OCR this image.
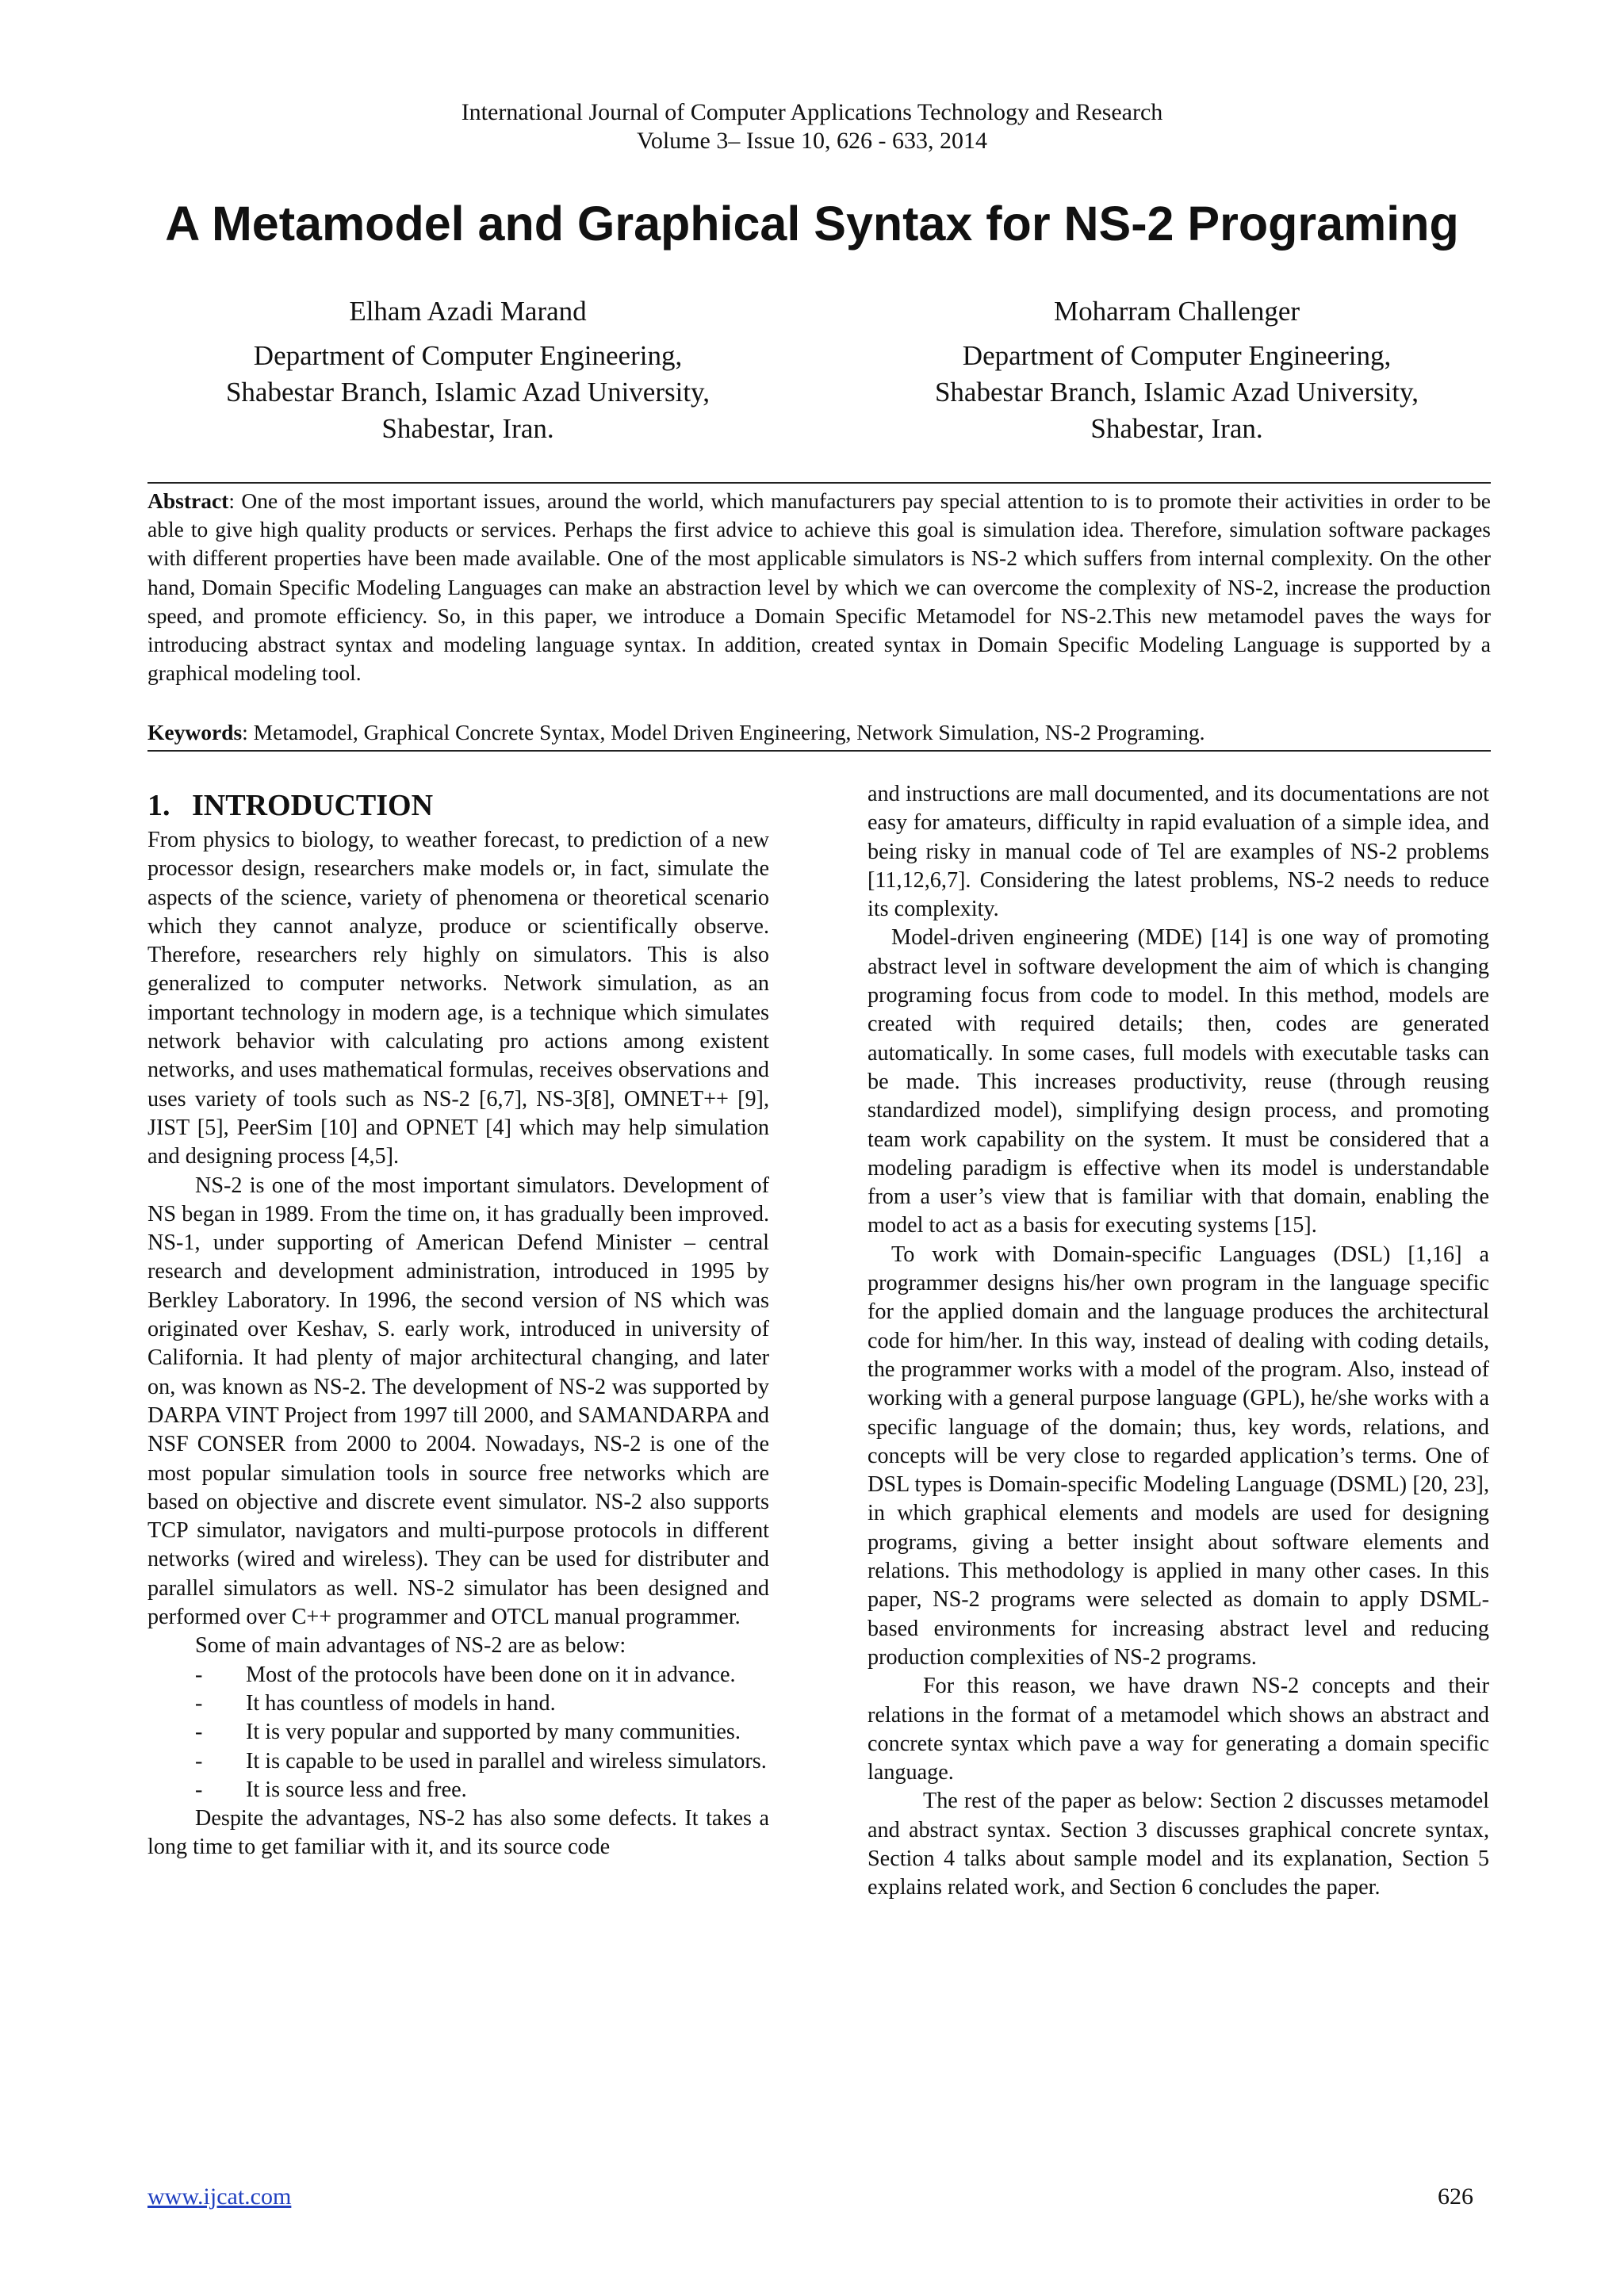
International Journal of Computer Applications Technology and Research
Volume 3– Issue 10, 626 - 633, 2014
A Metamodel and Graphical Syntax for NS-2 Programing
Elham Azadi Marand
Department of Computer Engineering,
Shabestar Branch, Islamic Azad University,
Shabestar, Iran.
Moharram Challenger
Department of Computer Engineering,
Shabestar Branch, Islamic Azad University,
Shabestar, Iran.

Abstract: One of the most important issues, around the world, which manufacturers pay special attention to is to promote their activities in order to be able to give high quality products or services. Perhaps the first advice to achieve this goal is simulation idea. Therefore, simulation software packages with different properties have been made available. One of the most applicable simulators is NS-2 which suffers from internal complexity. On the other hand, Domain Specific Modeling Languages can make an abstraction level by which we can overcome the complexity of NS-2, increase the production speed, and promote efficiency. So, in this paper, we introduce a Domain Specific Metamodel for NS-2.This new metamodel paves the ways for introducing abstract syntax and modeling language syntax. In addition, created syntax in Domain Specific Modeling Language is supported by a graphical modeling tool.

Keywords: Metamodel, Graphical Concrete Syntax, Model Driven Engineering, Network Simulation, NS-2 Programing.

1. INTRODUCTION

From physics to biology, to weather forecast, to prediction of a new processor design, researchers make models or, in fact, simulate the aspects of the science, variety of phenomena or theoretical scenario which they cannot analyze, produce or scientifically observe. Therefore, researchers rely highly on simulators. This is also generalized to computer networks. Network simulation, as an important technology in modern age, is a technique which simulates network behavior with calculating pro actions among existent networks, and uses mathematical formulas, receives observations and uses variety of tools such as NS-2 [6,7], NS-3[8], OMNET++ [9], JIST [5], PeerSim [10] and OPNET [4] which may help simulation and designing process [4,5].

NS-2 is one of the most important simulators. Development of NS began in 1989. From the time on, it has gradually been improved. NS-1, under supporting of American Defend Minister – central research and development administration, introduced in 1995 by Berkley Laboratory. In 1996, the second version of NS which was originated over Keshav, S. early work, introduced in university of California. It had plenty of major architectural changing, and later on, was known as NS-2. The development of NS-2 was supported by DARPA VINT Project from 1997 till 2000, and SAMANDARPA and NSF CONSER from 2000 to 2004. Nowadays, NS-2 is one of the most popular simulation tools in source free networks which are based on objective and discrete event simulator. NS-2 also supports TCP simulator, navigators and multi-purpose protocols in different networks (wired and wireless). They can be used for distributer and parallel simulators as well. NS-2 simulator has been designed and performed over C++ programmer and OTCL manual programmer.

Some of main advantages of NS-2 are as below:

- Most of the protocols have been done on it in advance.
- It has countless of models in hand.
- It is very popular and supported by many communities.
- It is capable to be used in parallel and wireless simulators.
- It is source less and free.

Despite the advantages, NS-2 has also some defects. It takes a long time to get familiar with it, and its source code

and instructions are mall documented, and its documentations are not easy for amateurs, difficulty in rapid evaluation of a simple idea, and being risky in manual code of Tel are examples of NS-2 problems [11,12,6,7]. Considering the latest problems, NS-2 needs to reduce its complexity.

Model-driven engineering (MDE) [14] is one way of promoting abstract level in software development the aim of which is changing programing focus from code to model. In this method, models are created with required details; then, codes are generated automatically. In some cases, full models with executable tasks can be made. This increases productivity, reuse (through reusing standardized model), simplifying design process, and promoting team work capability on the system. It must be considered that a modeling paradigm is effective when its model is understandable from a user’s view that is familiar with that domain, enabling the model to act as a basis for executing systems [15].

To work with Domain-specific Languages (DSL) [1,16] a programmer designs his/her own program in the language specific for the applied domain and the language produces the architectural code for him/her. In this way, instead of dealing with coding details, the programmer works with a model of the program. Also, instead of working with a general purpose language (GPL), he/she works with a specific language of the domain; thus, key words, relations, and concepts will be very close to regarded application’s terms. One of DSL types is Domain-specific Modeling Language (DSML) [20, 23], in which graphical elements and models are used for designing programs, giving a better insight about software elements and relations. This methodology is applied in many other cases. In this paper, NS-2 programs were selected as domain to apply DSML-based environments for increasing abstract level and reducing production complexities of NS-2 programs.

For this reason, we have drawn NS-2 concepts and their relations in the format of a metamodel which shows an abstract and concrete syntax which pave a way for generating a domain specific language.

The rest of the paper as below: Section 2 discusses metamodel and abstract syntax. Section 3 discusses graphical concrete syntax, Section 4 talks about sample model and its explanation, Section 5 explains related work, and Section 6 concludes the paper.

www.ijcat.com	626
